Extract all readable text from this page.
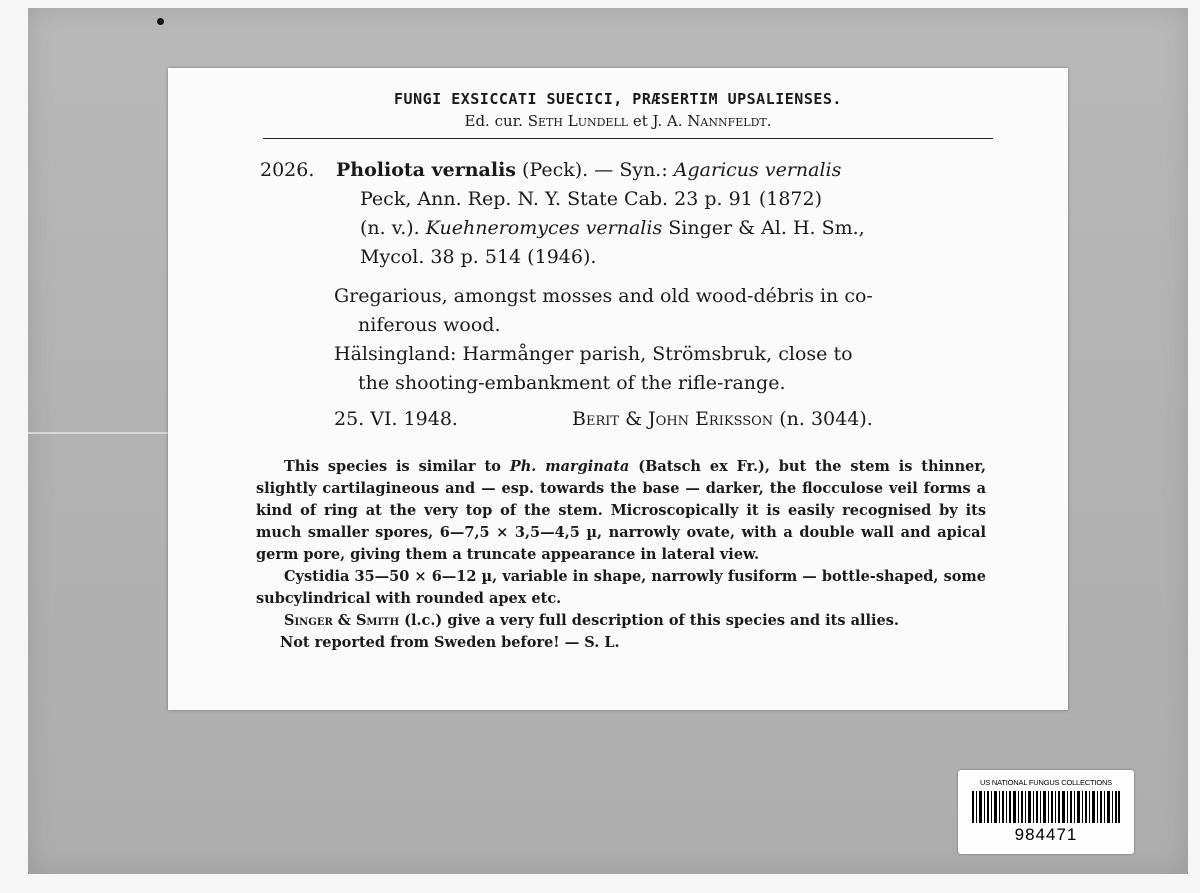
FUNGI EXSICCATI SUECICI, PRÆSERTIM UPSALIENSES.
Ed. cur. Seth Lundell et J. A. Nannfeldt.
2026. Pholiota vernalis (Peck). — Syn.: Agaricus vernalis
Peck, Ann. Rep. N. Y. State Cab. 23 p. 91 (1872)
(n. v.). Kuehneromyces vernalis Singer & Al. H. Sm.,
Mycol. 38 p. 514 (1946).
Gregarious, amongst mosses and old wood-débris in co-

niferous wood.
Hälsingland: Harmånger parish, Strömsbruk, close to

the shooting-embankment of the rifle-range.
25. VI. 1948.	Berit & John Eriksson (n. 3044).

This species is similar to Ph. marginata (Batsch ex Fr.), but the stem is thinner, slightly cartilagineous and — esp. towards the base — darker, the flocculose veil forms a kind of ring at the very top of the stem. Microscopically it is easily recognised by its much smaller spores, 6—7,5 × 3,5—4,5 µ, narrowly ovate, with a double wall and apical germ pore, giving them a truncate appearance in lateral view.

Cystidia 35—50 × 6—12 µ, variable in shape, narrowly fusiform — bottle-shaped, some subcylindrical with rounded apex etc.

Singer & Smith (l.c.) give a very full description of this species and its allies.

Not reported from Sweden before! — S. L.

US NATIONAL FUNGUS COLLECTIONS
984471
